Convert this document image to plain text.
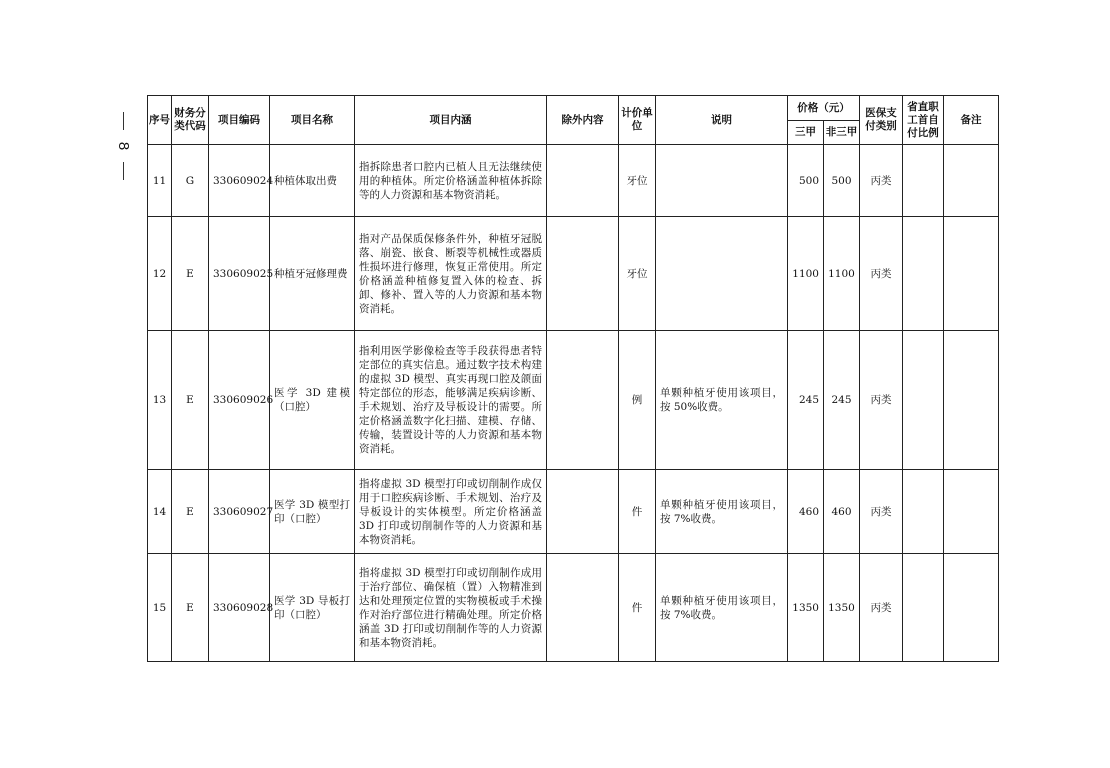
8
序号	财务分类代码	项目编码	项目名称	项目内涵	除外内容	计价单位	说明	价格（元）		医保支付类别	省直职工首自付比例	备注
								三甲	非三甲			
11	G	330609024	种植体取出费	指拆除患者口腔内已植人且无法继续使用的种植体。所定价格涵盖种植体拆除等的人力资源和基本物资消耗。		牙位		500	500	丙类		
12	E	330609025	种植牙冠修理费	指对产品保质保修条件外，种植牙冠脱落、崩瓷、嵌食、断裂等机械性或器质性损坏进行修理，恢复正常使用。所定价格涵盖种植修复置入体的检查、拆卸、修补、置入等的人力资源和基本物资消耗。		牙位		1100	1100	丙类		
13	E	330609026	医学 3D 建模（口腔）	指利用医学影像检查等手段获得患者特定部位的真实信息。通过数字技术构建的虚拟 3D 模型、真实再现口腔及颌面特定部位的形态，能够满足疾病诊断、手术规划、治疗及导板设计的需要。所定价格涵盖数字化扫描、建模、存储、传输，装置设计等的人力资源和基本物资消耗。		例	单颗种植牙使用该项目，按 50%收费。	245	245	丙类		
14	E	330609027	医学 3D 模型打印（口腔）	指将虚拟 3D 模型打印或切削制作成仅用于口腔疾病诊断、手术规划、治疗及导板设计的实体模型。所定价格涵盖 3D 打印或切削制作等的人力资源和基本物资消耗。		件	单颗种植牙使用该项目，按 7%收费。	460	460	丙类		
15	E	330609028	医学 3D 导板打印（口腔）	指将虚拟 3D 模型打印或切削制作成用于治疗部位、确保植（置）入物精准到达和处理预定位置的实物模板或手术操作对治疗部位进行精确处理。所定价格涵盖 3D 打印或切削制作等的人力资源和基本物资消耗。		件	单颗种植牙使用该项目，按 7%收费。	1350	1350	丙类		
